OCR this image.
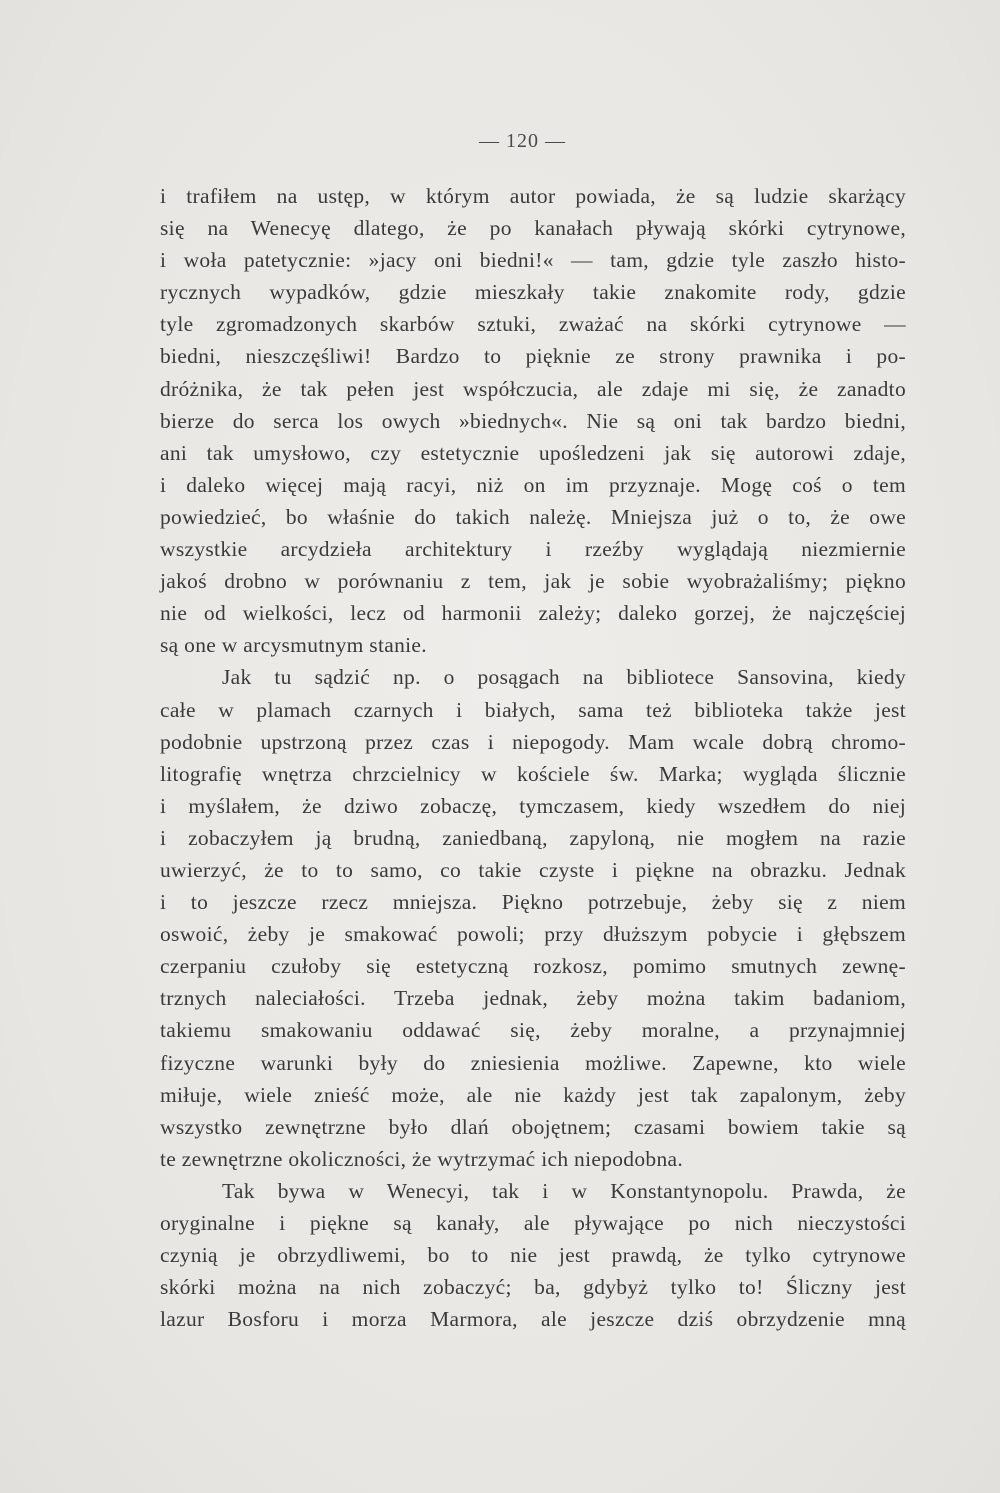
— 120 —
i trafiłem na ustęp, w którym autor powiada, że są ludzie skarżący
się na Wenecyę dlatego, że po kanałach pływają skórki cytrynowe,
i woła patetycznie: »jacy oni biedni!« — tam, gdzie tyle zaszło histo-
rycznych wypadków, gdzie mieszkały takie znakomite rody, gdzie
tyle zgromadzonych skarbów sztuki, zważać na skórki cytrynowe —
biedni, nieszczęśliwi! Bardzo to pięknie ze strony prawnika i po-
dróżnika, że tak pełen jest współczucia, ale zdaje mi się, że zanadto
bierze do serca los owych »biednych«. Nie są oni tak bardzo biedni,
ani tak umysłowo, czy estetycznie upośledzeni jak się autorowi zdaje,
i daleko więcej mają racyi, niż on im przyznaje. Mogę coś o tem
powiedzieć, bo właśnie do takich należę. Mniejsza już o to, że owe
wszystkie arcydzieła architektury i rzeźby wyglądają niezmiernie
jakoś drobno w porównaniu z tem, jak je sobie wyobrażaliśmy; piękno
nie od wielkości, lecz od harmonii zależy; daleko gorzej, że najczęściej
są one w arcysmutnym stanie.
Jak tu sądzić np. o posągach na bibliotece Sansovina, kiedy
całe w plamach czarnych i białych, sama też biblioteka także jest
podobnie upstrzoną przez czas i niepogody. Mam wcale dobrą chromo-
litografię wnętrza chrzcielnicy w kościele św. Marka; wygląda ślicznie
i myślałem, że dziwo zobaczę, tymczasem, kiedy wszedłem do niej
i zobaczyłem ją brudną, zaniedbaną, zapyloną, nie mogłem na razie
uwierzyć, że to to samo, co takie czyste i piękne na obrazku. Jednak
i to jeszcze rzecz mniejsza. Piękno potrzebuje, żeby się z niem
oswoić, żeby je smakować powoli; przy dłuższym pobycie i głębszem
czerpaniu czułoby się estetyczną rozkosz, pomimo smutnych zewnę-
trznych naleciałości. Trzeba jednak, żeby można takim badaniom,
takiemu smakowaniu oddawać się, żeby moralne, a przynajmniej
fizyczne warunki były do zniesienia możliwe. Zapewne, kto wiele
miłuje, wiele znieść może, ale nie każdy jest tak zapalonym, żeby
wszystko zewnętrzne było dlań obojętnem; czasami bowiem takie są
te zewnętrzne okoliczności, że wytrzymać ich niepodobna.
Tak bywa w Wenecyi, tak i w Konstantynopolu. Prawda, że
oryginalne i piękne są kanały, ale pływające po nich nieczystości
czynią je obrzydliwemi, bo to nie jest prawdą, że tylko cytrynowe
skórki można na nich zobaczyć; ba, gdybyż tylko to! Śliczny jest
lazur Bosforu i morza Marmora, ale jeszcze dziś obrzydzenie mną
